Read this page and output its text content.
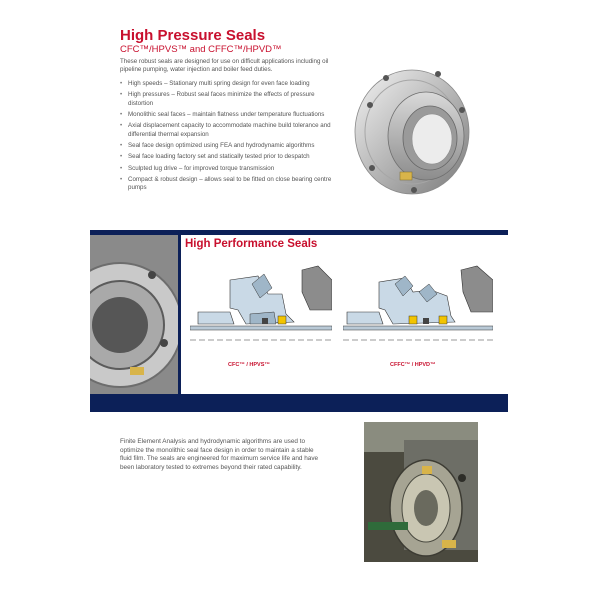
High Pressure Seals
CFC™/HPVS™ and CFFC™/HPVD™
These robust seals are designed for use on difficult applications including oil pipeline pumping, water injection and boiler feed duties.
• High speeds – Stationary multi spring design for even face loading
• High pressures – Robust seal faces minimize the effects of pressure distortion
• Monolithic seal faces – maintain flatness under temperature fluctuations
• Axial displacement capacity to accommodate machine build tolerance and differential thermal expansion
• Seal face design optimized using FEA and hydrodynamic algorithms
• Seal face loading factory set and statically tested prior to despatch
• Sculpted lug drive – for improved torque transmission
• Compact & robust design – allows seal to be fitted on close bearing centre pumps
High Performance Seals
CFC™ / HPVS™	CFFC™ / HPVD™
Finite Element Analysis and hydrodynamic algorithms are used to optimize the monolithic seal face design in order to maintain a stable fluid film. The seals are engineered for maximum service life and have been laboratory tested to extremes beyond their rated capability.
